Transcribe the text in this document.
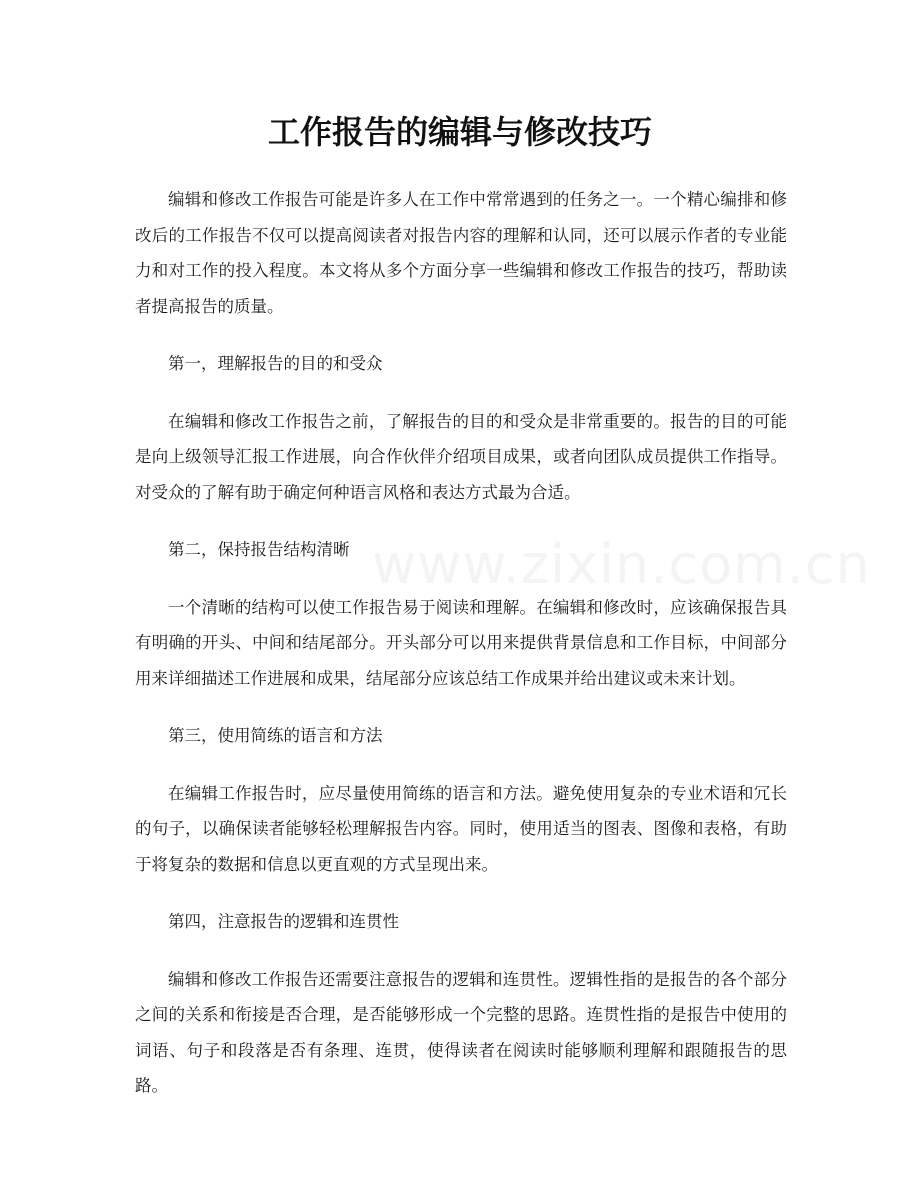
www.zixin.com.cn
工作报告的编辑与修改技巧

编辑和修改工作报告可能是许多人在工作中常常遇到的任务之一。一个精心编排和修改后的工作报告不仅可以提高阅读者对报告内容的理解和认同，还可以展示作者的专业能力和对工作的投入程度。本文将从多个方面分享一些编辑和修改工作报告的技巧，帮助读者提高报告的质量。

第一，理解报告的目的和受众

在编辑和修改工作报告之前，了解报告的目的和受众是非常重要的。报告的目的可能是向上级领导汇报工作进展，向合作伙伴介绍项目成果，或者向团队成员提供工作指导。对受众的了解有助于确定何种语言风格和表达方式最为合适。

第二，保持报告结构清晰

一个清晰的结构可以使工作报告易于阅读和理解。在编辑和修改时，应该确保报告具有明确的开头、中间和结尾部分。开头部分可以用来提供背景信息和工作目标，中间部分用来详细描述工作进展和成果，结尾部分应该总结工作成果并给出建议或未来计划。

第三，使用简练的语言和方法

在编辑工作报告时，应尽量使用简练的语言和方法。避免使用复杂的专业术语和冗长的句子，以确保读者能够轻松理解报告内容。同时，使用适当的图表、图像和表格，有助于将复杂的数据和信息以更直观的方式呈现出来。

第四，注意报告的逻辑和连贯性

编辑和修改工作报告还需要注意报告的逻辑和连贯性。逻辑性指的是报告的各个部分之间的关系和衔接是否合理，是否能够形成一个完整的思路。连贯性指的是报告中使用的词语、句子和段落是否有条理、连贯，使得读者在阅读时能够顺利理解和跟随报告的思路。
